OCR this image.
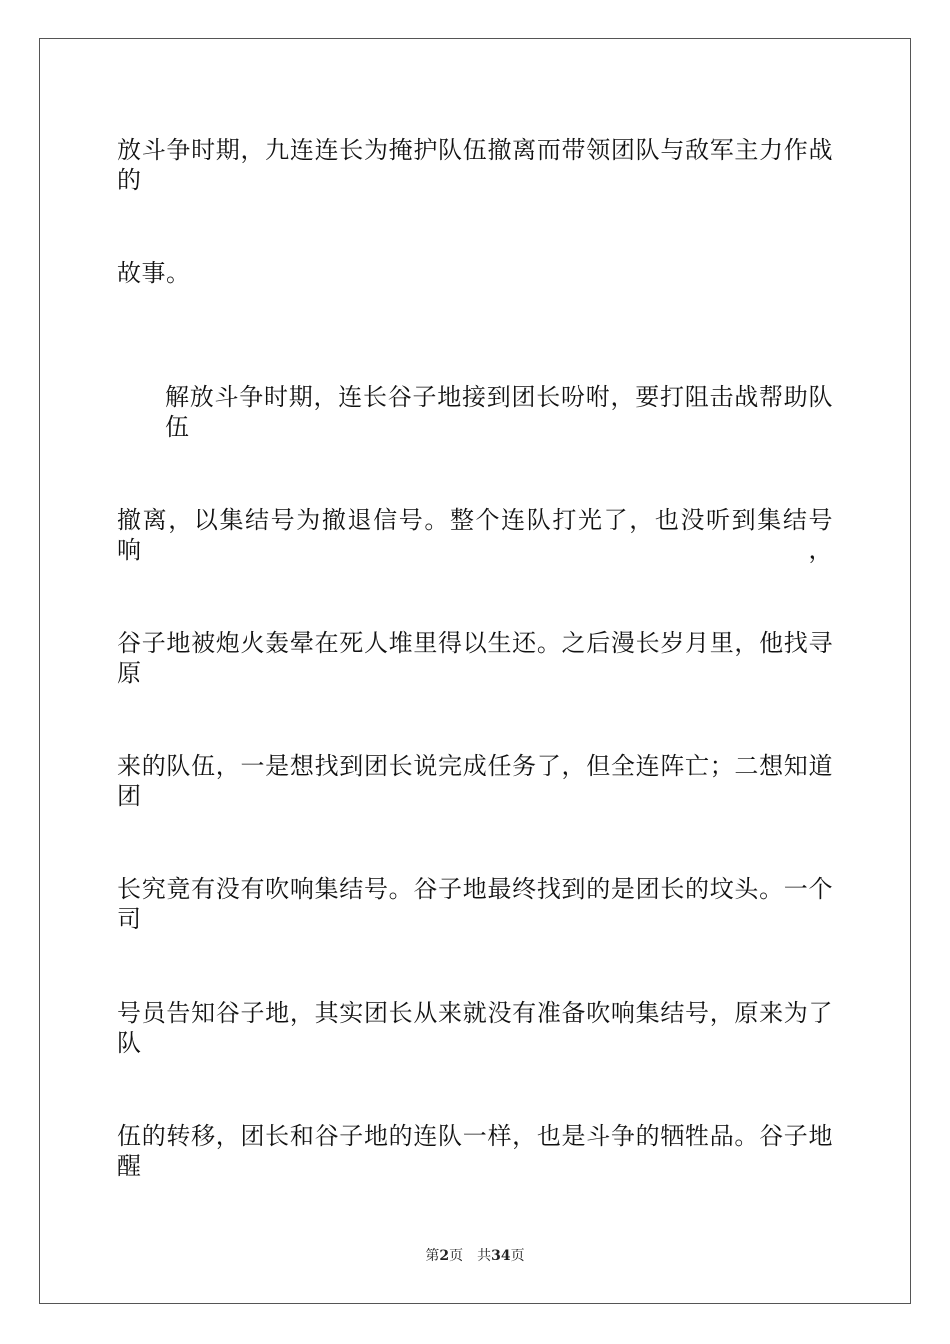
放斗争时期，九连连长为掩护队伍撤离而带领团队与敌军主力作战的
故事。
解放斗争时期，连长谷子地接到团长吩咐，要打阻击战帮助队伍
撤离，以集结号为撤退信号。整个连队打光了，也没听到集结号响，
谷子地被炮火轰晕在死人堆里得以生还。之后漫长岁月里，他找寻原
来的队伍，一是想找到团长说完成任务了，但全连阵亡；二想知道团
长究竟有没有吹响集结号。谷子地最终找到的是团长的坟头。一个司
号员告知谷子地，其实团长从来就没有准备吹响集结号，原来为了队
伍的转移，团长和谷子地的连队一样，也是斗争的牺牲品。谷子地醒
第2页 共34页
